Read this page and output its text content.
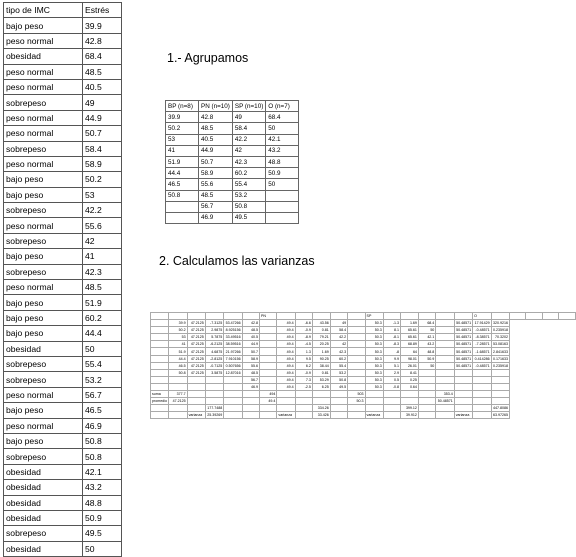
tipo de IMC	Estrés
bajo peso	39.9
peso normal	42.8
obesidad	68.4
peso normal	48.5
peso normal	40.5
sobrepeso	49
peso normal	44.9
peso normal	50.7
sobrepeso	58.4
peso normal	58.9
bajo peso	50.2
bajo peso	53
sobrepeso	42.2
peso normal	55.6
sobrepeso	42
bajo peso	41
sobrepeso	42.3
peso normal	48.5
bajo peso	51.9
bajo peso	60.2
bajo peso	44.4
obesidad	50
sobrepeso	55.4
sobrepeso	53.2
peso normal	56.7
bajo peso	46.5
peso normal	46.9
bajo peso	50.8
sobrepeso	50.8
obesidad	42.1
obesidad	43.2
obesidad	48.8
obesidad	50.9
sobrepeso	49.5
obesidad	50
1.- Agrupamos
BP (n=8)	PN (n=10)	SP (n=10)	O (n=7)
39.9	42.8	49	68.4
50.2	48.5	58.4	50
53	40.5	42.2	42.1
41	44.9	42	43.2
51.9	50.7	42.3	48.8
44.4	58.9	60.2	50.9
46.5	55.6	55.4	50
50.8	48.5	53.2	
	56.7	50.8	
	46.9	49.5	
2. Calculamos las varianzas
						PN						SP						O					
	39.9	47.2125	-7.3125	53.47266	42.8		49.4	-6.6	43.56	49		50.3	-1.3	1.69	68.4		50.48571	17.91429	320.9216				
	50.2	47.2125	2.9875	8.925156	48.5		49.4	-0.9	0.81	58.4		50.3	8.1	65.61	50		50.48571	-0.48571	0.235918				
	53	47.2125	5.7875	33.49516	40.5		49.4	-8.9	79.21	42.2		50.3	-8.1	65.61	42.1		50.48571	-8.38571	70.3202				
	41	47.2125	-6.2125	38.59516	44.9		49.4	-4.5	20.25	42		50.3	-8.3	68.89	43.2		50.48571	-7.28571	53.08163				
	51.9	47.2125	4.6875	21.97266	50.7		49.4	1.3	1.69	42.3		50.3	-8	64	48.8		50.48571	-1.68571	2.841633				
	44.4	47.2125	-2.8125	7.910156	58.9		49.4	9.5	90.25	60.2		50.3	9.9	98.01	50.9		50.48571	0.414286	0.171633				
	46.5	47.2125	-0.7125	0.507656	55.6		49.4	6.2	38.44	55.4		50.3	5.1	26.01	50		50.48571	-0.48571	0.235918				
	50.8	47.2125	3.5875	12.87016	48.5		49.4	-0.9	0.81	53.2		50.3	2.9	8.41									
					56.7		49.4	7.3	53.29	50.8		50.3	0.5	0.25									
					46.9		49.4	-2.5	6.25	49.5		50.3	-0.8	0.64									
suma	377.7					494					503					353.4							
promedio	47.2125					49.4					50.3					50.48571							
			177.7488						334.26					399.12					447.8086				
		varianza	25.39269				varianza		33.426			varianza		39.912			varianza		63.97265				
